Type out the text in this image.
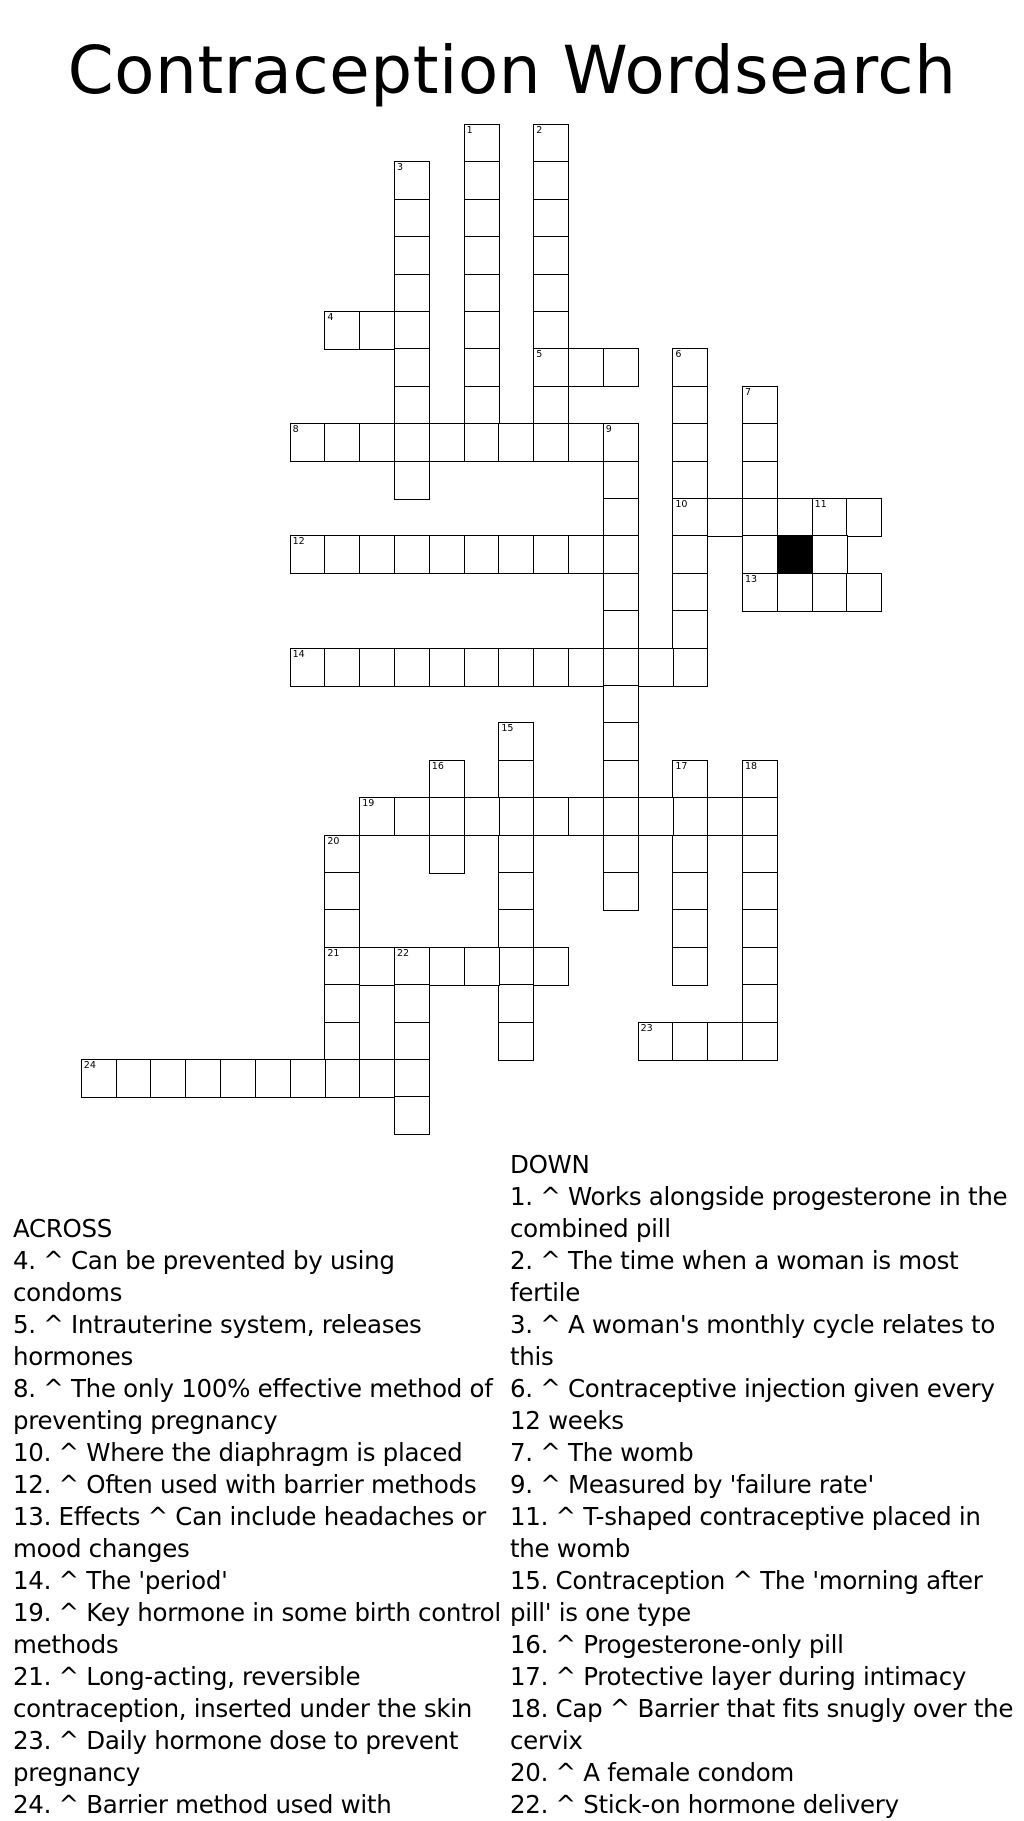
Contraception Wordsearch
1	2
5
3
4
6
10
7
8	9
11
12
13
14
15
16	17	18
19
20
21	22
23
24
ACROSS
4. ^ Can be prevented by using condoms
5. ^ Intrauterine system, releases hormones
8. ^ The only 100% effective method of preventing pregnancy
10. ^ Where the diaphragm is placed
12. ^ Often used with barrier methods
13. Effects ^ Can include headaches or mood changes
14. ^ The 'period'
19. ^ Key hormone in some birth control methods
21. ^ Long-acting, reversible contraception, inserted under the skin
23. ^ Daily hormone dose to prevent pregnancy
24. ^ Barrier method used with
DOWN
1. ^ Works alongside progesterone in the combined pill
2. ^ The time when a woman is most fertile
3. ^ A woman's monthly cycle relates to this
6. ^ Contraceptive injection given every 12 weeks
7. ^ The womb
9. ^ Measured by 'failure rate'
11. ^ T-shaped contraceptive placed in the womb
15. Contraception ^ The 'morning after pill' is one type
16. ^ Progesterone-only pill
17. ^ Protective layer during intimacy
18. Cap ^ Barrier that fits snugly over the cervix
20. ^ A female condom
22. ^ Stick-on hormone delivery
